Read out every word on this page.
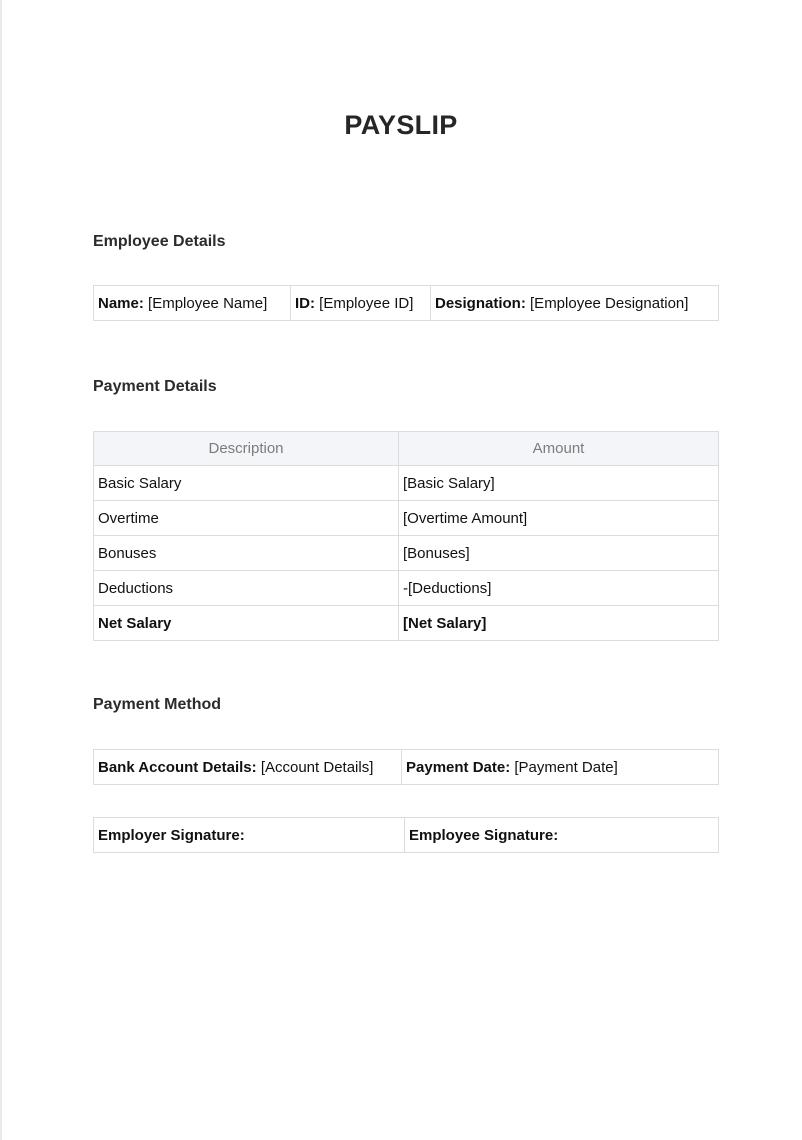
PAYSLIP
Employee Details
Name: [Employee Name]	ID: [Employee ID]	Designation: [Employee Designation]
Payment Details
Description	Amount
Basic Salary	[Basic Salary]
Overtime	[Overtime Amount]
Bonuses	[Bonuses]
Deductions	-[Deductions]
Net Salary	[Net Salary]
Payment Method
Bank Account Details: [Account Details]	Payment Date: [Payment Date]
Employer Signature:	Employee Signature:
